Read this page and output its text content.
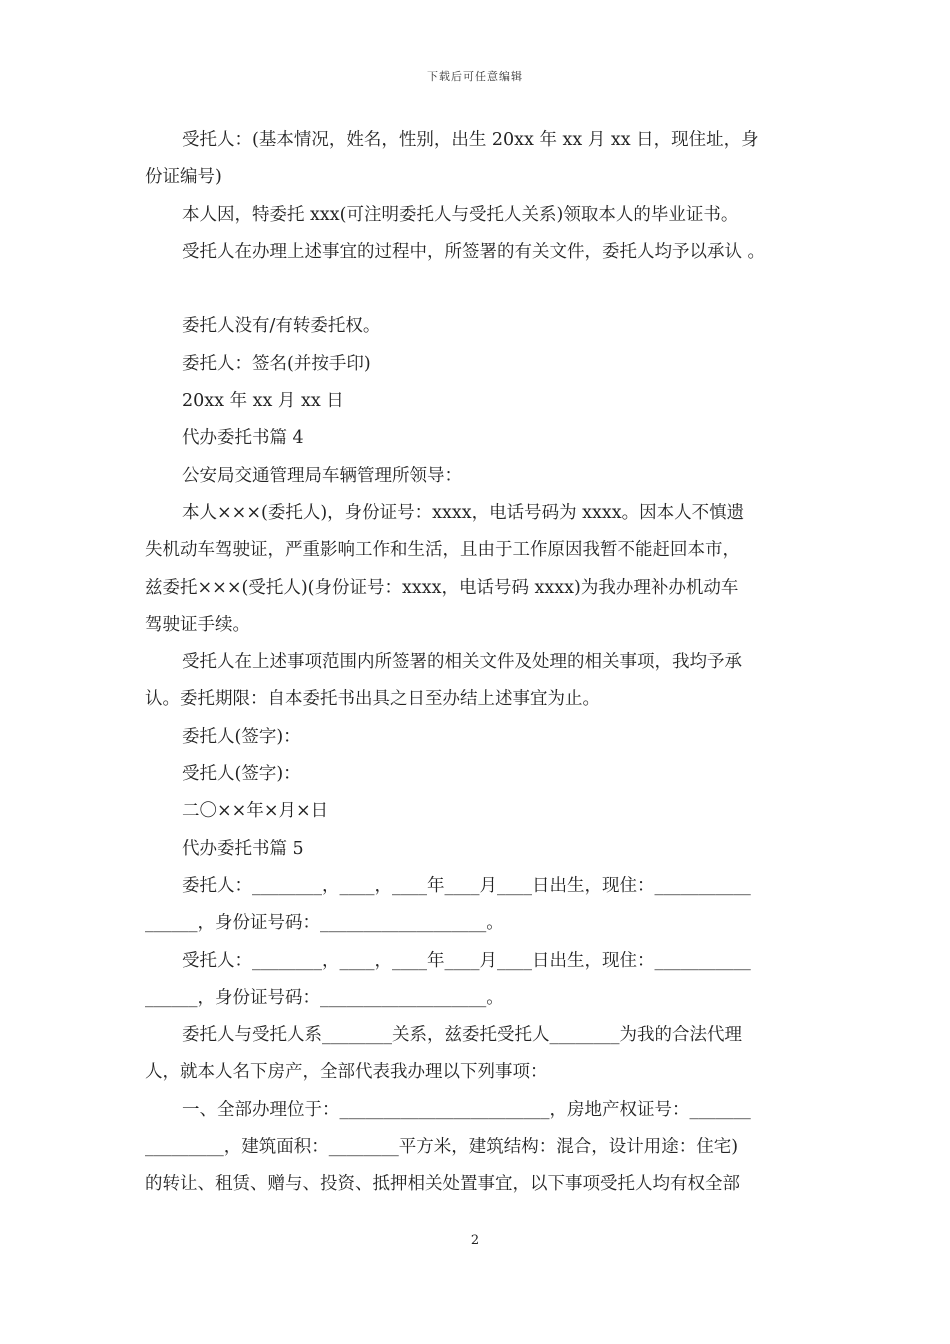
下载后可任意编辑
受托人：(基本情况，姓名，性别，出生 20xx 年 xx 月 xx 日，现住址，身
份证编号)
本人因，特委托 xxx(可注明委托人与受托人关系)领取本人的毕业证书。
受托人在办理上述事宜的过程中，所签署的有关文件，委托人均予以承认 。
委托人没有/有转委托权。
委托人：签名(并按手印)
20xx 年 xx 月 xx 日
代办委托书篇 4
公安局交通管理局车辆管理所领导：
本人×××(委托人)，身份证号：xxxx，电话号码为 xxxx。因本人不慎遗
失机动车驾驶证，严重影响工作和生活，且由于工作原因我暂不能赶回本市，
兹委托×××(受托人)(身份证号：xxxx，电话号码 xxxx)为我办理补办机动车
驾驶证手续。
受托人在上述事项范围内所签署的相关文件及处理的相关事项，我均予承
认。委托期限：自本委托书出具之日至办结上述事宜为止。
委托人(签字)：
受托人(签字)：
二〇××年×月×日
代办委托书篇 5
委托人：________，____，____年____月____日出生，现住：___________
______，身份证号码：___________________。
受托人：________，____，____年____月____日出生，现住：___________
______，身份证号码：___________________。
委托人与受托人系________关系，兹委托受托人________为我的合法代理
人，就本人名下房产，全部代表我办理以下列事项：
一、全部办理位于：________________________，房地产权证号：_______
_________，建筑面积：________平方米，建筑结构：混合，设计用途：住宅)
的转让、租赁、赠与、投资、抵押相关处置事宜，以下事项受托人均有权全部
2
